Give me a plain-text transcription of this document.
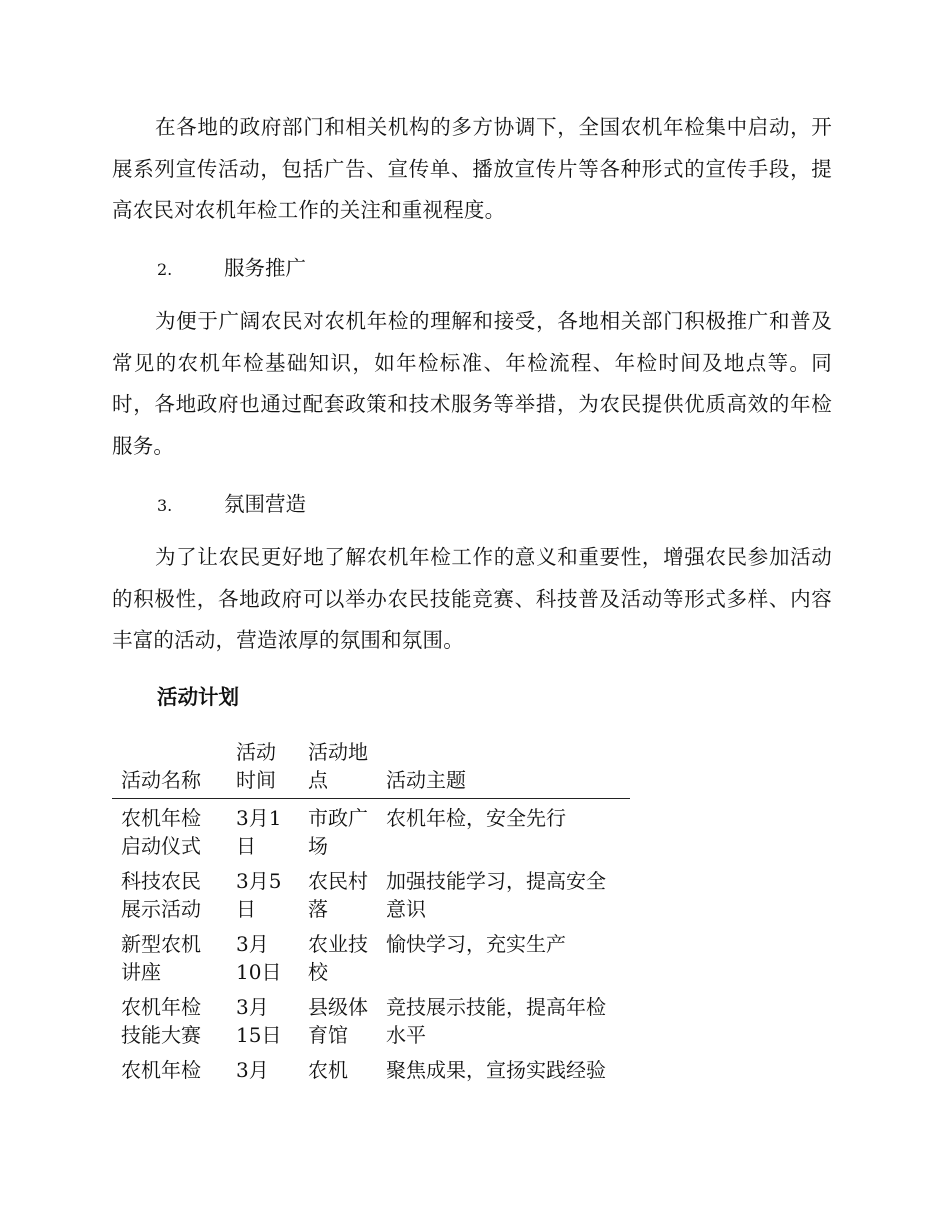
在各地的政府部门和相关机构的多方协调下，全国农机年检集中启动，开展系列宣传活动，包括广告、宣传单、播放宣传片等各种形式的宣传手段，提高农民对农机年检工作的关注和重视程度。

2.	服务推广

为便于广阔农民对农机年检的理解和接受，各地相关部门积极推广和普及常见的农机年检基础知识，如年检标准、年检流程、年检时间及地点等。同时，各地政府也通过配套政策和技术服务等举措，为农民提供优质高效的年检服务。

3.	氛围营造

为了让农民更好地了解农机年检工作的意义和重要性，增强农民参加活动的积极性，各地政府可以举办农民技能竞赛、科技普及活动等形式多样、内容丰富的活动，营造浓厚的氛围和氛围。

活动计划
活动名称	活动时间	活动地点	活动主题
农机年检启动仪式	3月1日	市政广场	农机年检，安全先行
科技农民展示活动	3月5日	农民村落	加强技能学习，提高安全意识
新型农机讲座	3月10日	农业技校	愉快学习，充实生产
农机年检技能大赛	3月15日	县级体育馆	竞技展示技能，提高年检水平
农机年检	3月	农机	聚焦成果，宣扬实践经验
